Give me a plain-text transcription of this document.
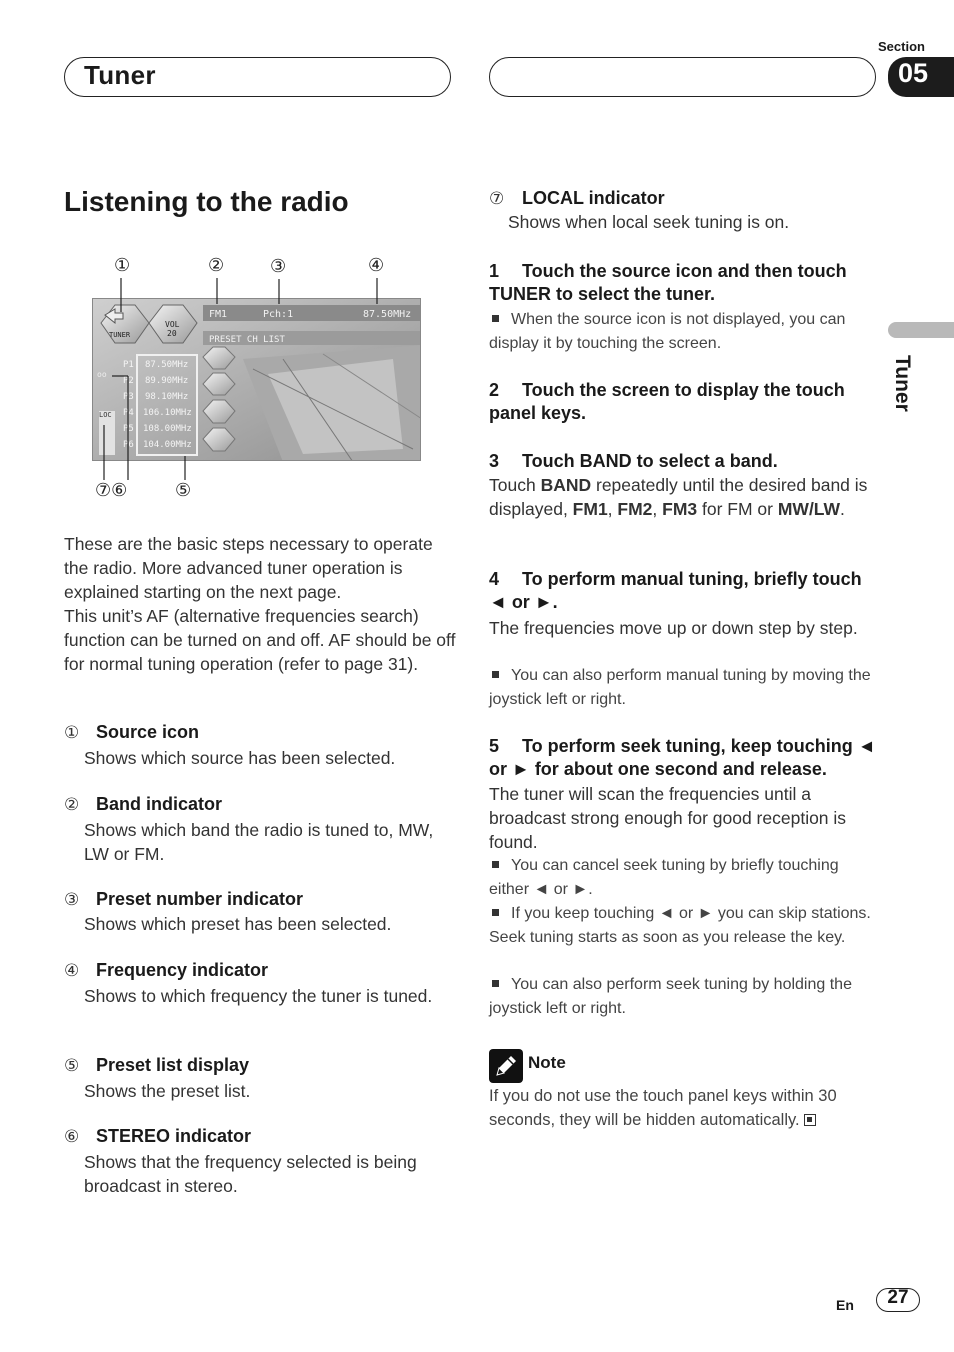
Tuner
Section
05
Tuner
Listening to the radio
①	②	③	④
TUNER
VOL
20
FM1	Pch:1	87.50MHz
PRESET CH LIST
oo
LOC
P1 87.50MHz
P2 89.90MHz
P3 98.10MHz
P4 106.10MHz
P5 108.00MHz
P6 104.00MHz
⑦⑥	⑤
These are the basic steps necessary to operate the radio. More advanced tuner operation is explained starting on the next page.
This unit’s AF (alternative frequencies search) function can be turned on and off. AF should be off for normal tuning operation (refer to page 31).
① Source icon
Shows which source has been selected.
② Band indicator
Shows which band the radio is tuned to, MW, LW or FM.
③ Preset number indicator
Shows which preset has been selected.
④ Frequency indicator
Shows to which frequency the tuner is tuned.
⑤ Preset list display
Shows the preset list.
⑥ STEREO indicator
Shows that the frequency selected is being broadcast in stereo.
⑦ LOCAL indicator
Shows when local seek tuning is on.
1 Touch the source icon and then touch TUNER to select the tuner.
When the source icon is not displayed, you can display it by touching the screen.
2 Touch the screen to display the touch panel keys.
3 Touch BAND to select a band.
Touch BAND repeatedly until the desired band is displayed, FM1, FM2, FM3 for FM or MW/LW.
4 To perform manual tuning, briefly touch ◄ or ►.
The frequencies move up or down step by step.
You can also perform manual tuning by moving the joystick left or right.
5 To perform seek tuning, keep touching ◄ or ► for about one second and release.
The tuner will scan the frequencies until a broadcast strong enough for good reception is found.
You can cancel seek tuning by briefly touching either ◄ or ►.
If you keep touching ◄ or ► you can skip stations. Seek tuning starts as soon as you release the key.
You can also perform seek tuning by holding the joystick left or right.
Note
If you do not use the touch panel keys within 30 seconds, they will be hidden automatically.
En	27
